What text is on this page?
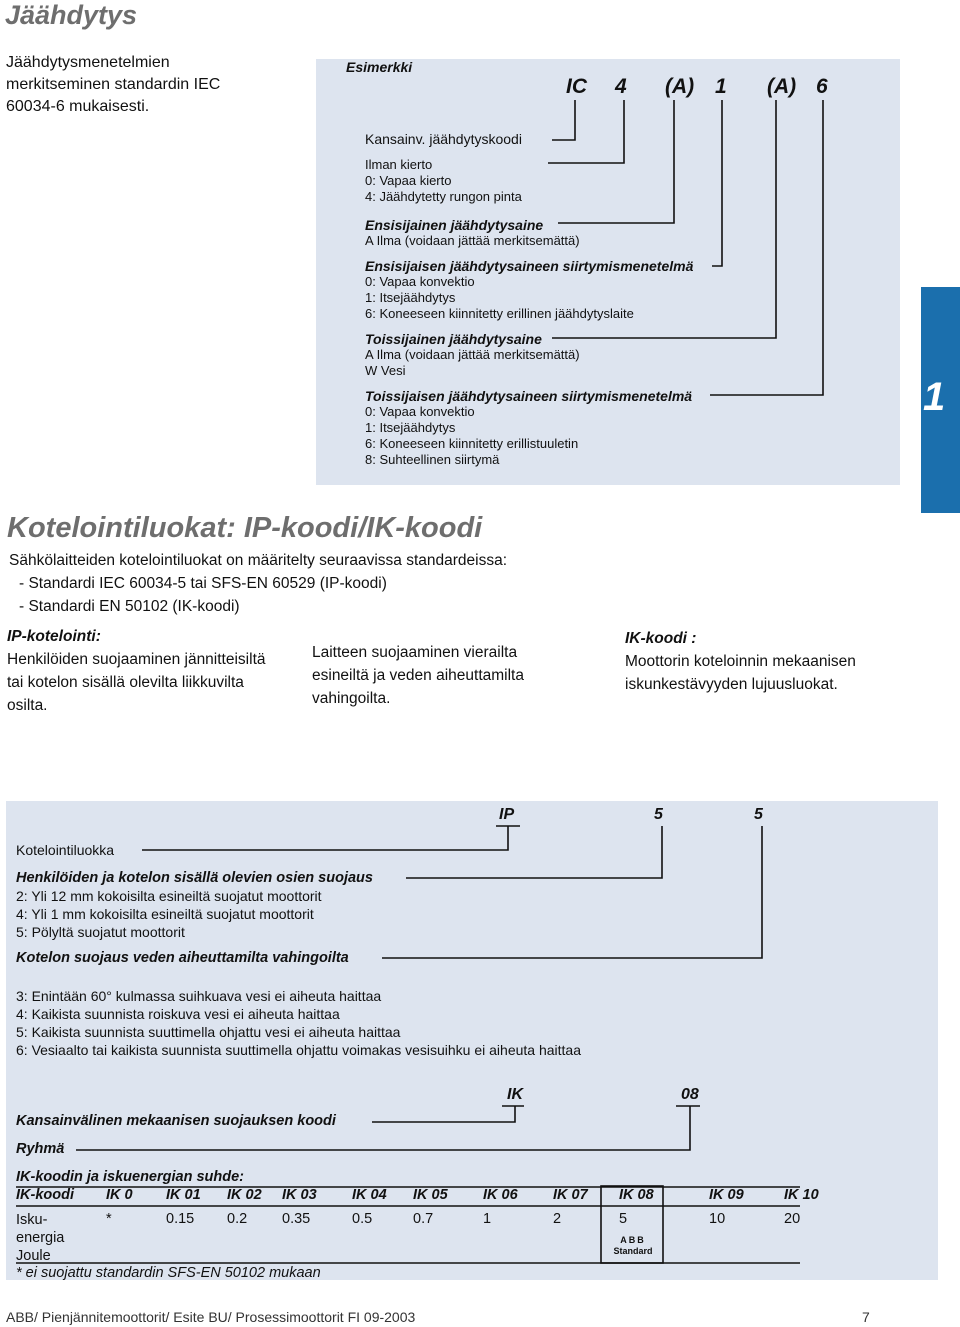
Jäähdytys
Jäähdytysmenetelmien
merkitseminen standardin IEC
60034-6 mukaisesti.
Esimerkki
IC 4 (A) 1 (A) 6
Kansainv. jäähdytyskoodi
Ilman kierto
0: Vapaa kierto
4: Jäähdytetty rungon pinta
Ensisijainen jäähdytysaine
A Ilma (voidaan jättää merkitsemättä)
Ensisijaisen jäähdytysaineen siirtymismenetelmä
0: Vapaa konvektio
1: Itsejäähdytys
6: Koneeseen kiinnitetty erillinen jäähdytyslaite
Toissijainen jäähdytysaine
A Ilma (voidaan jättää merkitsemättä)
W Vesi
Toissijaisen jäähdytysaineen siirtymismenetelmä
0: Vapaa konvektio
1: Itsejäähdytys
6: Koneeseen kiinnitetty erillistuuletin
8: Suhteellinen siirtymä
1
Kotelointiluokat: IP-koodi/IK-koodi
Sähkölaitteiden kotelointiluokat on määritelty seuraavissa standardeissa:
- Standardi IEC 60034-5 tai SFS-EN 60529 (IP-koodi)
- Standardi EN 50102 (IK-koodi)
IP-kotelointi:
Henkilöiden suojaaminen jännitteisiltä
tai kotelon sisällä olevilta liikkuvilta
osilta.
Laitteen suojaaminen vierailta
esineiltä ja veden aiheuttamilta
vahingoilta.
IK-koodi :
Moottorin koteloinnin mekaanisen
iskunkestävyyden lujuusluokat.
IP	5	5
Kotelointiluokka
Henkilöiden ja kotelon sisällä olevien osien suojaus
2: Yli 12 mm kokoisilta esineiltä suojatut moottorit
4: Yli 1 mm kokoisilta esineiltä suojatut moottorit
5: Pölyltä suojatut moottorit
Kotelon suojaus veden aiheuttamilta vahingoilta
3: Enintään 60° kulmassa suihkuava vesi ei aiheuta haittaa
4: Kaikista suunnista roiskuva vesi ei aiheuta haittaa
5: Kaikista suunnista suuttimella ohjattu vesi ei aiheuta haittaa
6: Vesiaalto tai kaikista suunnista suuttimella ohjattu voimakas vesisuihku ei aiheuta haittaa
IK	08
Kansainvälinen mekaanisen suojauksen koodi
Ryhmä
IK-koodin ja iskuenergian suhde:
IK-koodi IK 0 IK 01 IK 02 IK 03 IK 04 IK 05 IK 06 IK 07 IK 08	IK 09	IK 10
Isku-
energia
Joule
*	0.15 0.2 0.35	0.5	0.7	1	2	5	10	20
ABB
Standard
* ei suojattu standardin SFS-EN 50102 mukaan
ABB/ Pienjännitemoottorit/ Esite BU/ Prosessimoottorit FI 09-2003	7
